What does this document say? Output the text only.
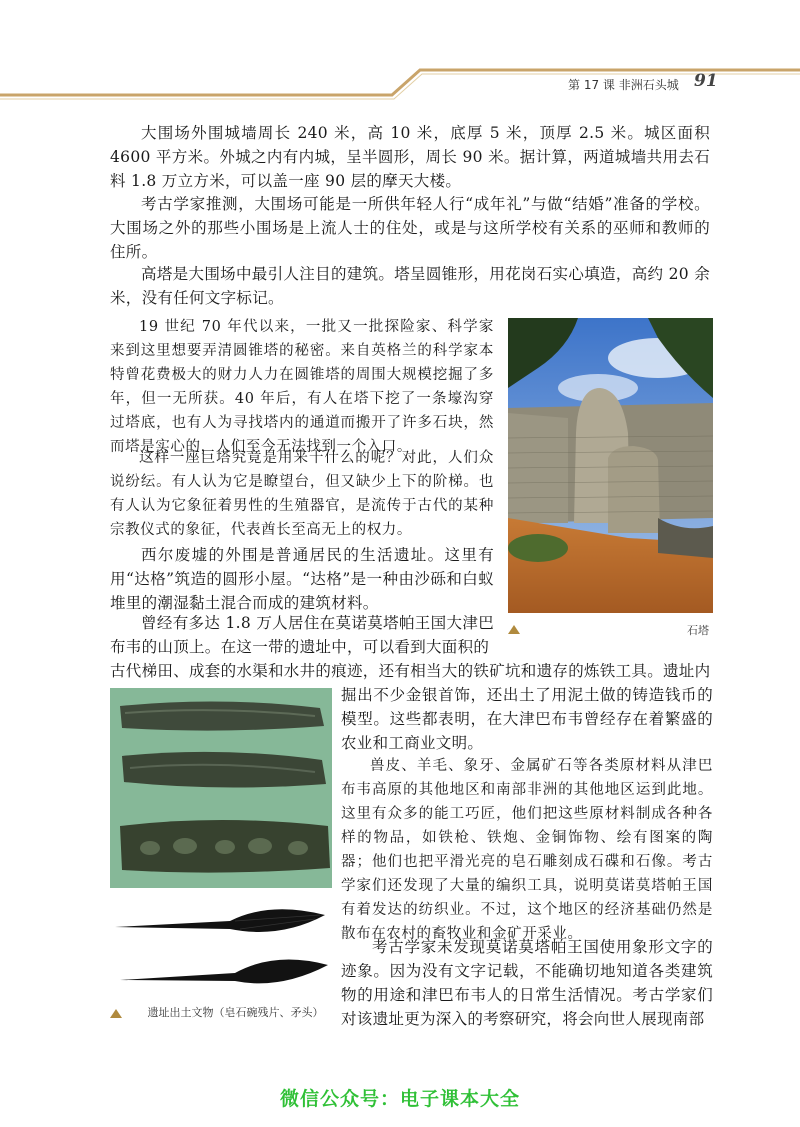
第 17 课 非洲石头城 91

大围场外围城墙周长 240 米，高 10 米，底厚 5 米，顶厚 2.5 米。城区面积 4600 平方米。外城之内有内城，呈半圆形，周长 90 米。据计算，两道城墙共用去石料 1.8 万立方米，可以盖一座 90 层的摩天大楼。

考古学家推测，大围场可能是一所供年轻人行“成年礼”与做“结婚”准备的学校。大围场之外的那些小围场是上流人士的住处，或是与这所学校有关系的巫师和教师的住所。

高塔是大围场中最引人注目的建筑。塔呈圆锥形，用花岗石实心填造，高约 20 余米，没有任何文字标记。

19 世纪 70 年代以来，一批又一批探险家、科学家来到这里想要弄清圆锥塔的秘密。来自英格兰的科学家本特曾花费极大的财力人力在圆锥塔的周围大规模挖掘了多年，但一无所获。40 年后，有人在塔下挖了一条壕沟穿过塔底，也有人为寻找塔内的通道而搬开了许多石块，然而塔是实心的，人们至今无法找到一个入口。

这样一座巨塔究竟是用来干什么的呢？对此，人们众说纷纭。有人认为它是瞭望台，但又缺少上下的阶梯。也有人认为它象征着男性的生殖器官，是流传于古代的某种宗教仪式的象征，代表酋长至高无上的权力。

西尔废墟的外围是普通居民的生活遗址。这里有用“达格”筑造的圆形小屋。“达格”是一种由沙砾和白蚁堆里的潮湿黏土混合而成的建筑材料。

曾经有多达 1.8 万人居住在莫诺莫塔帕王国大津巴布韦的山顶上。在这一带的遗址中，可以看到大面积的

古代梯田、成套的水渠和水井的痕迹，还有相当大的铁矿坑和遗存的炼铁工具。遗址内

掘出不少金银首饰，还出土了用泥土做的铸造钱币的模型。这些都表明，在大津巴布韦曾经存在着繁盛的农业和工商业文明。

兽皮、羊毛、象牙、金属矿石等各类原材料从津巴布韦高原的其他地区和南部非洲的其他地区运到此地。这里有众多的能工巧匠，他们把这些原材料制成各种各样的物品，如铁枪、铁炮、金铜饰物、绘有图案的陶器；他们也把平滑光亮的皂石雕刻成石碟和石像。考古学家们还发现了大量的编织工具，说明莫诺莫塔帕王国有着发达的纺织业。不过，这个地区的经济基础仍然是散布在农村的畜牧业和金矿开采业。

考古学家未发现莫诺莫塔帕王国使用象形文字的迹象。因为没有文字记载，不能确切地知道各类建筑物的用途和津巴布韦人的日常生活情况。考古学家们对该遗址更为深入的考察研究，将会向世人展现南部

石塔
遗址出土文物（皂石碗残片、矛头）
微信公众号：电子课本大全
